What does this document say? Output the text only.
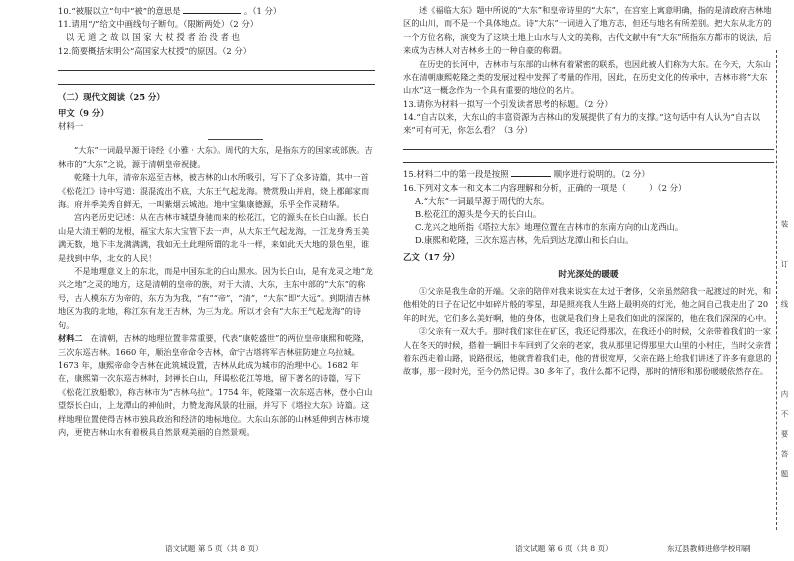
10.“被服以立”句中“被”的意思是	。（1 分）
11.请用“/”给文中画线句子断句。（限断两处）（2 分）
以 无 道 之 故 以 国 家 大 杖 授 者 治 没 者 也
12.简要概括宋明公“高国家大杖授”的原因。（2 分）
（二）现代文阅读（25 分）
甲文（9 分）
材料一

“大东”一词最早源于诗经《小雅 · 大东》。周代的大东，是指东方的国家或部族。吉林市的“大东”之说，源于清朝皇帝祝捷。

乾隆十九年，清帝东巡至吉林，被吉林的山水所吸引，写下了众多诗篇，其中一首《松花江》诗中写道：混混流出不底，大东王气起龙海。赞赏殷山并肩，烧上郡邮家而海。府并季美秀自鲜无，一叫紫烟云城池。地中宝集康德源，乐乎全作灵精华。

宫内老历史记述：从在吉林市城望身驰而来的松花江，它的源头在长白山源。长白山是大清王朝的龙根，福宝大东大宝管下去一声，从大东王气起龙海，一江龙身秀玉美满无数，地下丰龙满满满，我如无土此理所谓的北斗一样，来如此天大地的景色里，谁是找到中华，北女的人民！

不是地理意义上的东北，而是中国东北的白山黑水。因为长白山，是有龙灵之地“龙兴之地”之灵的地方，这是清朝的皇帝的族，对于大清、大东，主东中部的“大东”的称号，古人模东方为帝的，东方为为我，“有”“帝”，“清”，“大东”即“大远”。到期清吉林地区为我的北地，称江东有龙王吉林，为三为龙。所以才会有“大东王气起龙海”的诗句。

材料二　 在清朝，吉林的地理位置非常重要，代表“康乾盛世”的两位皇帝康熙和乾隆，三次东巡吉林。1660 年，顺治皇帝命令吉林，命宁古塔将军吉林驻防建立乌拉城。1673 年，康熙帝命令吉林在此筑城设置，吉林从此成为城市的治理中心。1682 年在，康熙第一次东巡吉林时，封禅长白山，拜谒松花江等地，留下著名的诗篇，写下《松花江放船歌》，称吉林市为“吉林乌拉”。1754 年，乾隆第一次东巡吉林，登小白山望祭长白山，上龙潭山的神仙时，力赞龙海风景的壮丽，并写下《塔拉大东》诗篇。这样地理位置使得吉林市独具政治和经济的地标地位。大东山东部的山林延伸到吉林市境内，更使吉林山水有着极具自然景观美丽的自然景观。

语文试题 第 5 页（共 8 页）

述《福临大东》题中所说的“大东”和皇帝诗里的“大东”，在宫室上寓意明确，指的是清政府吉林地区的山川，而不是一个具体地点。诗“大东”一词进入了地方志，但还与地名有所差别。把大东从北方的一个方位名称，演变为了这块土地上山水与人文的美称，古代文献中有“大东”所指东方都市的说法，后来成为吉林人对吉林乡土的一种自豪的称谓。

在历史的长河中，吉林市与东部的山林有着紧密的联系，也因此被人们称为大东。在今天，大东山水在清朝康熙乾隆之类的发展过程中发挥了考量的作用，因此，在历史文化的传承中，吉林市将“大东山水”这一概念作为一个具有重要的地位的名片。

13.请你为材料一拟写一个引发读者思考的标题。（2 分）
14.“自古以来，大东山的丰富资源为吉林山的发展提供了有力的支撑。”这句话中有人认为“自古以来”可有可无，你怎么看？（3 分）
15.材料二中的第一段是按照	顺序进行说明的。（2 分）
16.下列对文本一和文本二内容理解和分析，正确的一项是（	）（2 分）
A.“大东”一词最早源于周代的大东。
B.松花江的源头是今天的长白山。
C.龙兴之地所指《塔拉大东》地理位置在吉林市的东南方向的山龙西山。
D.康熙和乾隆，三次东巡吉林，先后到达龙潭山和长白山。
乙文（17 分）
时光深处的暖暖

①父亲是我生命的开端。父亲的陪伴对我来说实在太过于奢侈，父亲虽然陪我一起渡过的时光，和他相处的日子在记忆中如碎片般的零星，却是照亮我人生路上最明亮的灯光，他之间自己我走出了 20 年的时光，它们多么美好啊，他的身体，也就是我们身上是我们如此的深深的，他在我们深深的心中。

②父亲有一双大手。那时我们家住在矿区，我还记得那次，在我还小的时候，父亲带着我们的一家人在冬天的时候，搭着一辆旧卡车回到了父亲的老家，我从那里记得那里大山里的小村庄，当时父亲背着东西走着山路，说路很远，他就背着我们走，他的背很宽厚，父亲在路上给我们讲述了许多有意思的故事，那一段时光，至今仍然记得。30 多年了，我什么都不记得，那时的情形和那份暖暖依然存在。

语文试题 第 6 页（共 8 页）	东辽县教师进修学校印刷
装
订
线
内
不
要
答
题
